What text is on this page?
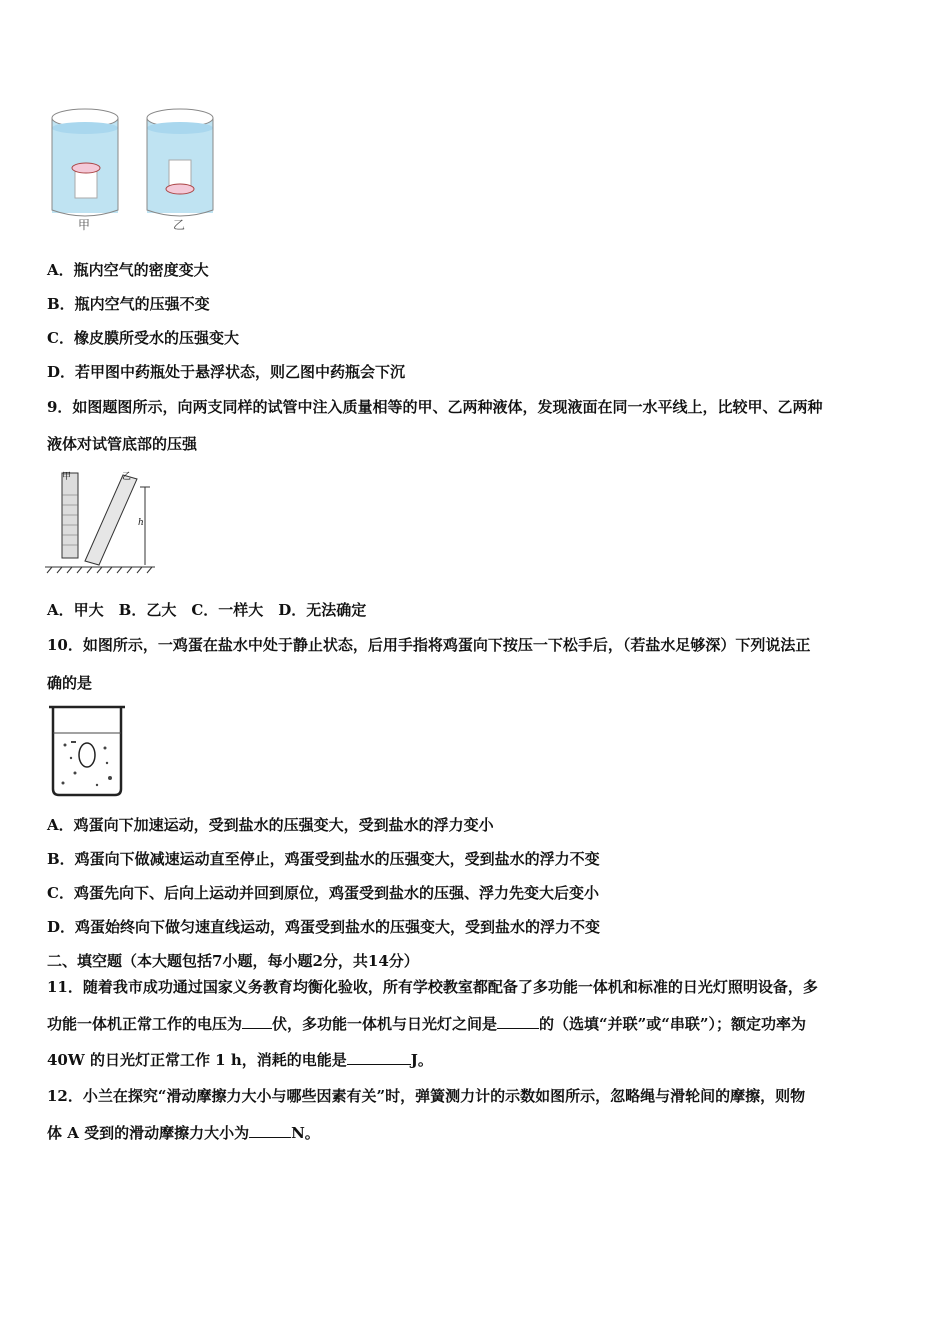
甲	乙
A．瓶内空气的密度变大
B．瓶内空气的压强不变
C．橡皮膜所受水的压强变大
D．若甲图中药瓶处于悬浮状态，则乙图中药瓶会下沉
9．如图题图所示，向两支同样的试管中注入质量相等的甲、乙两种液体，发现液面在同一水平线上，比较甲、乙两种
液体对试管底部的压强
甲	乙
h
A．甲大　B．乙大　C．一样大　D．无法确定
10．如图所示，一鸡蛋在盐水中处于静止状态，后用手指将鸡蛋向下按压一下松手后，（若盐水足够深）下列说法正
确的是
A．鸡蛋向下加速运动，受到盐水的压强变大，受到盐水的浮力变小
B．鸡蛋向下做减速运动直至停止，鸡蛋受到盐水的压强变大，受到盐水的浮力不变
C．鸡蛋先向下、后向上运动并回到原位，鸡蛋受到盐水的压强、浮力先变大后变小
D．鸡蛋始终向下做匀速直线运动，鸡蛋受到盐水的压强变大，受到盐水的浮力不变
二、填空题（本大题包括7小题，每小题2分，共14分）
11．随着我市成功通过国家义务教育均衡化验收，所有学校教室都配备了多功能一体机和标准的日光灯照明设备，多
功能一体机正常工作的电压为 伏，多功能一体机与日光灯之间是	的（选填“并联”或“串联”）；额定功率为
40W 的日光灯正常工作 1 h，消耗的电能是	J。
12．小兰在探究“滑动摩擦力大小与哪些因素有关”时，弹簧测力计的示数如图所示，忽略绳与滑轮间的摩擦，则物
体 A 受到的滑动摩擦力大小为	N。
